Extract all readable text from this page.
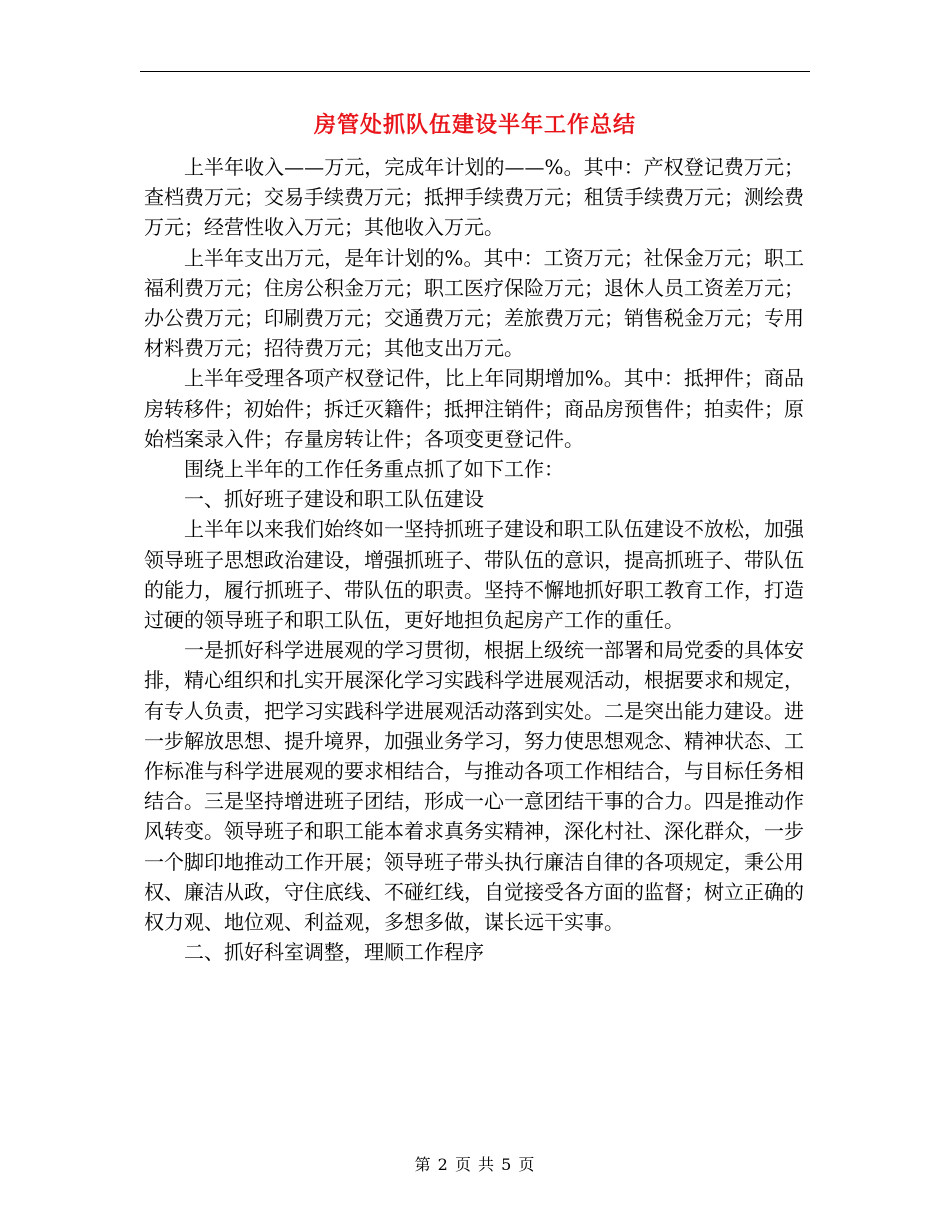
房管处抓队伍建设半年工作总结

上半年收入——万元，完成年计划的——%。其中：产权登记费万元；查档费万元；交易手续费万元；抵押手续费万元；租赁手续费万元；测绘费万元；经营性收入万元；其他收入万元。

上半年支出万元，是年计划的%。其中：工资万元；社保金万元；职工福利费万元；住房公积金万元；职工医疗保险万元；退休人员工资差万元；办公费万元；印刷费万元；交通费万元；差旅费万元；销售税金万元；专用材料费万元；招待费万元；其他支出万元。

上半年受理各项产权登记件，比上年同期增加%。其中：抵押件；商品房转移件；初始件；拆迁灭籍件；抵押注销件；商品房预售件；拍卖件；原始档案录入件；存量房转让件；各项变更登记件。

围绕上半年的工作任务重点抓了如下工作：

一、抓好班子建设和职工队伍建设

上半年以来我们始终如一坚持抓班子建设和职工队伍建设不放松，加强领导班子思想政治建设，增强抓班子、带队伍的意识，提高抓班子、带队伍的能力，履行抓班子、带队伍的职责。坚持不懈地抓好职工教育工作，打造过硬的领导班子和职工队伍，更好地担负起房产工作的重任。

一是抓好科学进展观的学习贯彻，根据上级统一部署和局党委的具体安排，精心组织和扎实开展深化学习实践科学进展观活动，根据要求和规定，有专人负责，把学习实践科学进展观活动落到实处。二是突出能力建设。进一步解放思想、提升境界，加强业务学习，努力使思想观念、精神状态、工作标准与科学进展观的要求相结合，与推动各项工作相结合，与目标任务相结合。三是坚持增进班子团结，形成一心一意团结干事的合力。四是推动作风转变。领导班子和职工能本着求真务实精神，深化村社、深化群众，一步一个脚印地推动工作开展；领导班子带头执行廉洁自律的各项规定，秉公用权、廉洁从政，守住底线、不碰红线，自觉接受各方面的监督；树立正确的权力观、地位观、利益观，多想多做，谋长远干实事。

二、抓好科室调整，理顺工作程序

第 2 页 共 5 页
